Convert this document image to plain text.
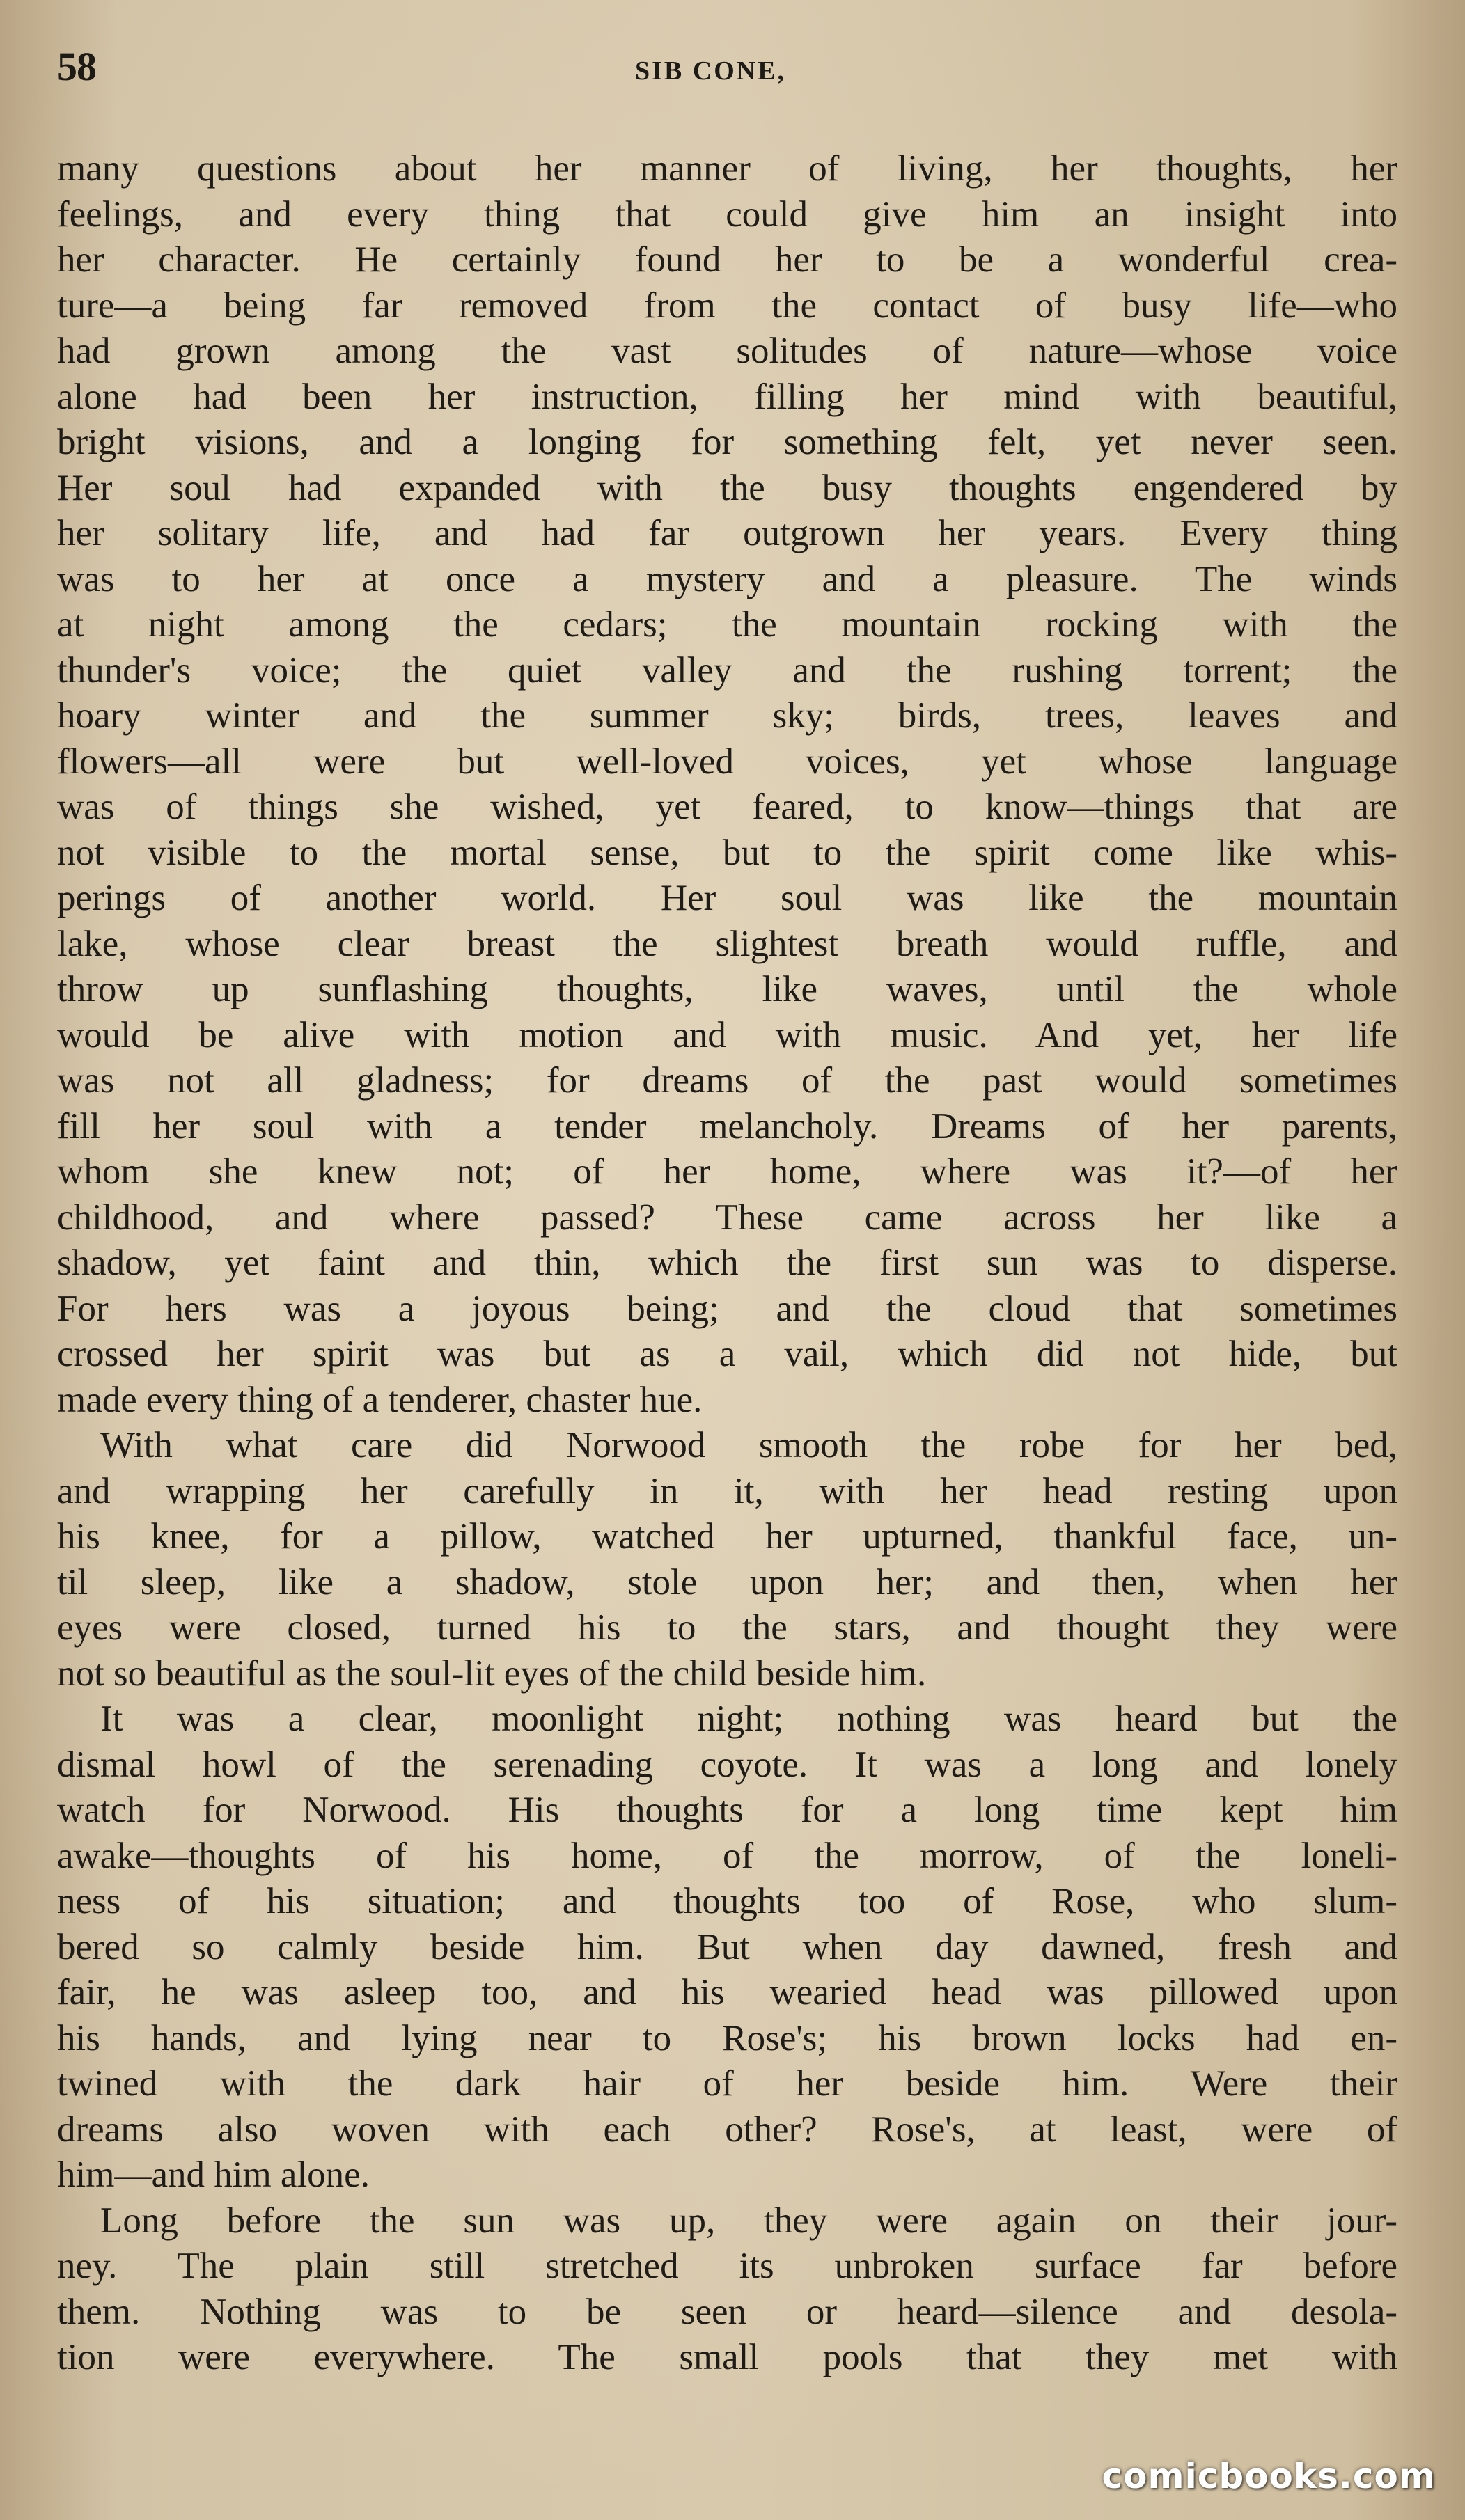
58	SIB CONE,
many questions about her manner of living, her thoughts, her
feelings, and every thing that could give him an insight into
her character. He certainly found her to be a wonderful crea-
ture—a being far removed from the contact of busy life—who
had grown among the vast solitudes of nature—whose voice
alone had been her instruction, filling her mind with beautiful,
bright visions, and a longing for something felt, yet never seen.
Her soul had expanded with the busy thoughts engendered by
her solitary life, and had far outgrown her years. Every thing
was to her at once a mystery and a pleasure. The winds
at night among the cedars; the mountain rocking with the
thunder's voice; the quiet valley and the rushing torrent; the
hoary winter and the summer sky; birds, trees, leaves and
flowers—all were but well-loved voices, yet whose language
was of things she wished, yet feared, to know—things that are
not visible to the mortal sense, but to the spirit come like whis-
perings of another world. Her soul was like the mountain
lake, whose clear breast the slightest breath would ruffle, and
throw up sunflashing thoughts, like waves, until the whole
would be alive with motion and with music. And yet, her life
was not all gladness; for dreams of the past would sometimes
fill her soul with a tender melancholy. Dreams of her parents,
whom she knew not; of her home, where was it?—of her
childhood, and where passed? These came across her like a
shadow, yet faint and thin, which the first sun was to disperse.
For hers was a joyous being; and the cloud that sometimes
crossed her spirit was but as a vail, which did not hide, but
made every thing of a tenderer, chaster hue.
With what care did Norwood smooth the robe for her bed,
and wrapping her carefully in it, with her head resting upon
his knee, for a pillow, watched her upturned, thankful face, un-
til sleep, like a shadow, stole upon her; and then, when her
eyes were closed, turned his to the stars, and thought they were
not so beautiful as the soul-lit eyes of the child beside him.
It was a clear, moonlight night; nothing was heard but the
dismal howl of the serenading coyote. It was a long and lonely
watch for Norwood. His thoughts for a long time kept him
awake—thoughts of his home, of the morrow, of the loneli-
ness of his situation; and thoughts too of Rose, who slum-
bered so calmly beside him. But when day dawned, fresh and
fair, he was asleep too, and his wearied head was pillowed upon
his hands, and lying near to Rose's; his brown locks had en-
twined with the dark hair of her beside him. Were their
dreams also woven with each other? Rose's, at least, were of
him—and him alone.
Long before the sun was up, they were again on their jour-
ney. The plain still stretched its unbroken surface far before
them. Nothing was to be seen or heard—silence and desola-
tion were everywhere. The small pools that they met with
comicbooks.com
